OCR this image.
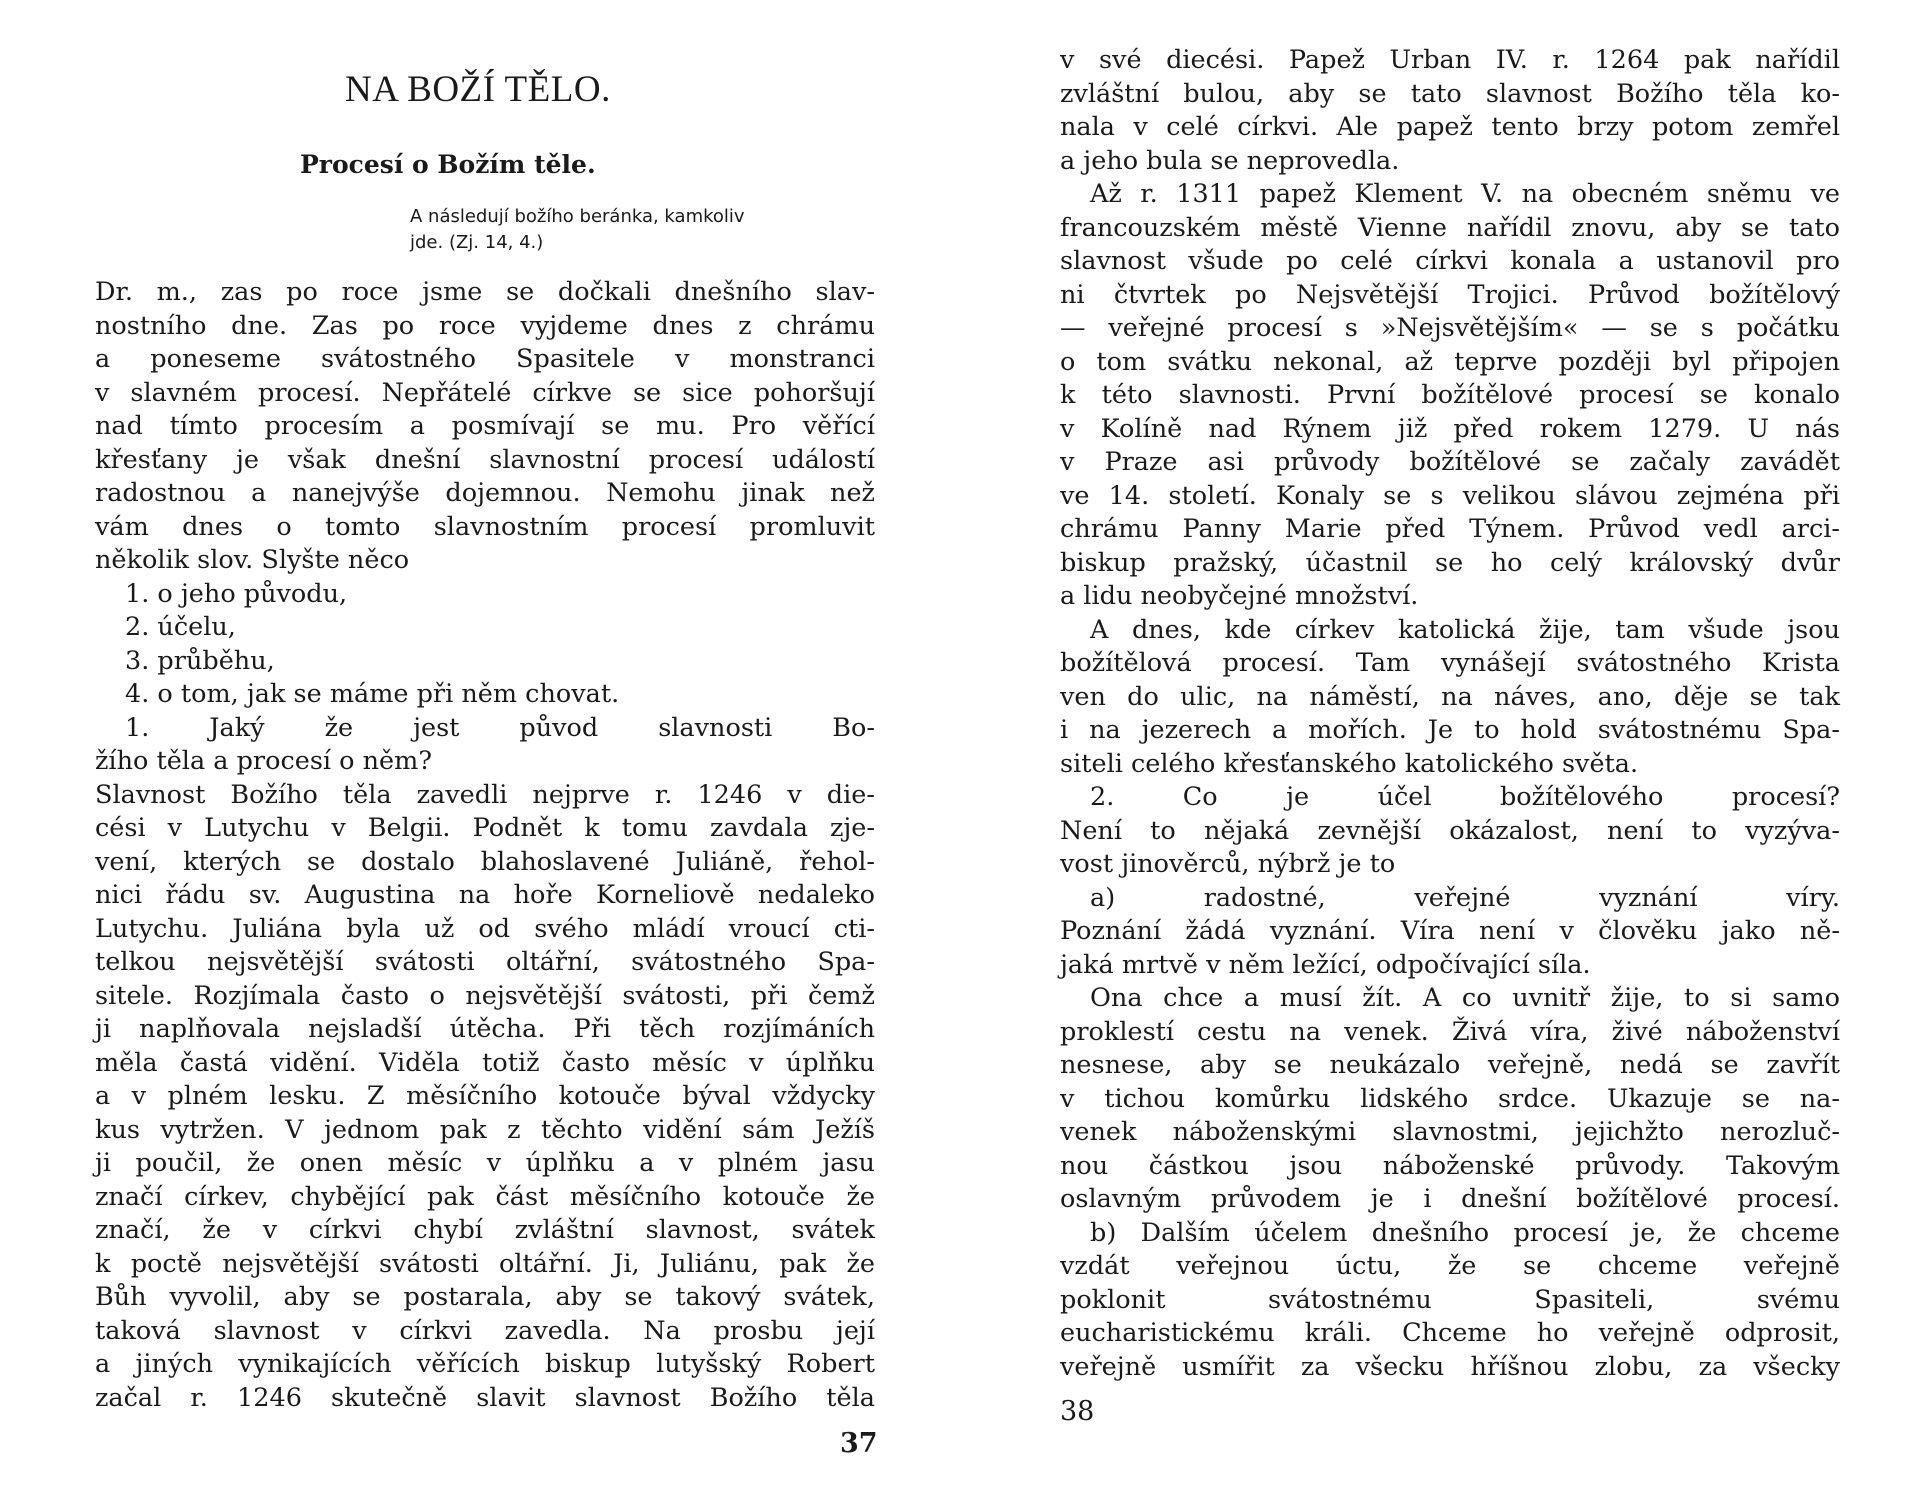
NA BOŽÍ TĚLO.
Procesí o Božím těle.
A následují božího beránka, kamkoliv
jde. (Zj. 14, 4.)
Dr. m., zas po roce jsme se dočkali dnešního slav-
nostního dne. Zas po roce vyjdeme dnes z chrámu
a poneseme svátostného Spasitele v monstranci
v slavném procesí. Nepřátelé církve se sice pohoršují
nad tímto procesím a posmívají se mu. Pro věřící
křesťany je však dnešní slavnostní procesí událostí
radostnou a nanejvýše dojemnou. Nemohu jinak než
vám dnes o tomto slavnostním procesí promluvit
několik slov. Slyšte něco
1. o jeho původu,
2. účelu,
3. průběhu,
4. o tom, jak se máme při něm chovat.
1. Jaký že jest původ slavnosti Bo-
žího těla a procesí o něm?
Slavnost Božího těla zavedli nejprve r. 1246 v die-
cési v Lutychu v Belgii. Podnět k tomu zavdala zje-
vení, kterých se dostalo blahoslavené Juliáně, řehol-
nici řádu sv. Augustina na hoře Korneliově nedaleko
Lutychu. Juliána byla už od svého mládí vroucí cti-
telkou nejsvětější svátosti oltářní, svátostného Spa-
sitele. Rozjímala často o nejsvětější svátosti, při čemž
ji naplňovala nejsladší útěcha. Při těch rozjímáních
měla častá vidění. Viděla totiž často měsíc v úplňku
a v plném lesku. Z měsíčního kotouče býval vždycky
kus vytržen. V jednom pak z těchto vidění sám Ježíš
ji poučil, že onen měsíc v úplňku a v plném jasu
značí církev, chybějící pak část měsíčního kotouče že
značí, že v církvi chybí zvláštní slavnost, svátek
k poctě nejsvětější svátosti oltářní. Ji, Juliánu, pak že
Bůh vyvolil, aby se postarala, aby se takový svátek,
taková slavnost v církvi zavedla. Na prosbu její
a jiných vynikajících věřících biskup lutyšský Robert
začal r. 1246 skutečně slavit slavnost Božího těla
37
v své diecési. Papež Urban IV. r. 1264 pak nařídil
zvláštní bulou, aby se tato slavnost Božího těla ko-
nala v celé církvi. Ale papež tento brzy potom zemřel
a jeho bula se neprovedla.
Až r. 1311 papež Klement V. na obecném sněmu ve
francouzském městě Vienne nařídil znovu, aby se tato
slavnost všude po celé církvi konala a ustanovil pro
ni čtvrtek po Nejsvětější Trojici. Průvod božítělový
— veřejné procesí s »Nejsvětějším« — se s počátku
o tom svátku nekonal, až teprve později byl připojen
k této slavnosti. První božítělové procesí se konalo
v Kolíně nad Rýnem již před rokem 1279. U nás
v Praze asi průvody božítělové se začaly zavádět
ve 14. století. Konaly se s velikou slávou zejména při
chrámu Panny Marie před Týnem. Průvod vedl arci-
biskup pražský, účastnil se ho celý královský dvůr
a lidu neobyčejné množství.
A dnes, kde církev katolická žije, tam všude jsou
božítělová procesí. Tam vynášejí svátostného Krista
ven do ulic, na náměstí, na náves, ano, děje se tak
i na jezerech a mořích. Je to hold svátostnému Spa-
siteli celého křesťanského katolického světa.
2. Co je účel božítělového procesí?
Není to nějaká zevnější okázalost, není to vyzýva-
vost jinověrců, nýbrž je to
a) radostné, veřejné vyznání víry.
Poznání žádá vyznání. Víra není v člověku jako ně-
jaká mrtvě v něm ležící, odpočívající síla.
Ona chce a musí žít. A co uvnitř žije, to si samo
proklestí cestu na venek. Živá víra, živé náboženství
nesnese, aby se neukázalo veřejně, nedá se zavřít
v tichou komůrku lidského srdce. Ukazuje se na-
venek náboženskými slavnostmi, jejichžto nerozluč-
nou částkou jsou náboženské průvody. Takovým
oslavným průvodem je i dnešní božítělové procesí.
b) Dalším účelem dnešního procesí je, že chceme
vzdát veřejnou úctu, že se chceme veřejně
poklonit svátostnému Spasiteli, svému
eucharistickému králi. Chceme ho veřejně odprosit,
veřejně usmířit za všecku hříšnou zlobu, za všecky
38
